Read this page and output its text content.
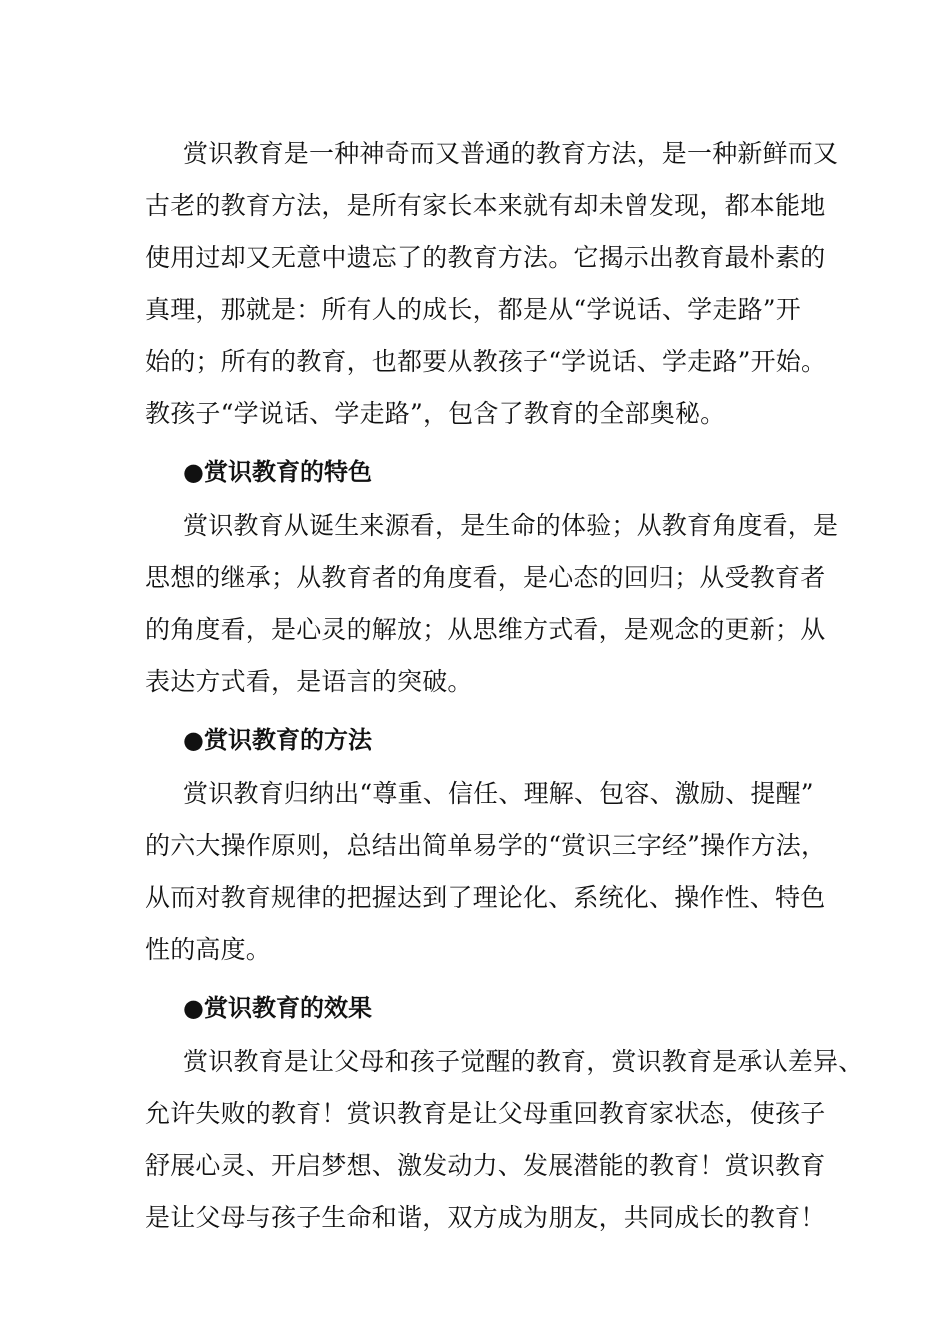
赏识教育是一种神奇而又普通的教育方法，是一种新鲜而又
古老的教育方法，是所有家长本来就有却未曾发现，都本能地
使用过却又无意中遗忘了的教育方法。它揭示出教育最朴素的
真理，那就是：所有人的成长，都是从“学说话、学走路”开
始的；所有的教育，也都要从教孩子“学说话、学走路”开始。
教孩子“学说话、学走路”，包含了教育的全部奥秘。
●赏识教育的特色
赏识教育从诞生来源看，是生命的体验；从教育角度看，是
思想的继承；从教育者的角度看，是心态的回归；从受教育者
的角度看，是心灵的解放；从思维方式看，是观念的更新；从
表达方式看，是语言的突破。
●赏识教育的方法
赏识教育归纳出“尊重、信任、理解、包容、激励、提醒”
的六大操作原则，总结出简单易学的“赏识三字经”操作方法，
从而对教育规律的把握达到了理论化、系统化、操作性、特色
性的高度。
●赏识教育的效果
赏识教育是让父母和孩子觉醒的教育，赏识教育是承认差异、
允许失败的教育！赏识教育是让父母重回教育家状态，使孩子
舒展心灵、开启梦想、激发动力、发展潜能的教育！赏识教育
是让父母与孩子生命和谐，双方成为朋友，共同成长的教育！
